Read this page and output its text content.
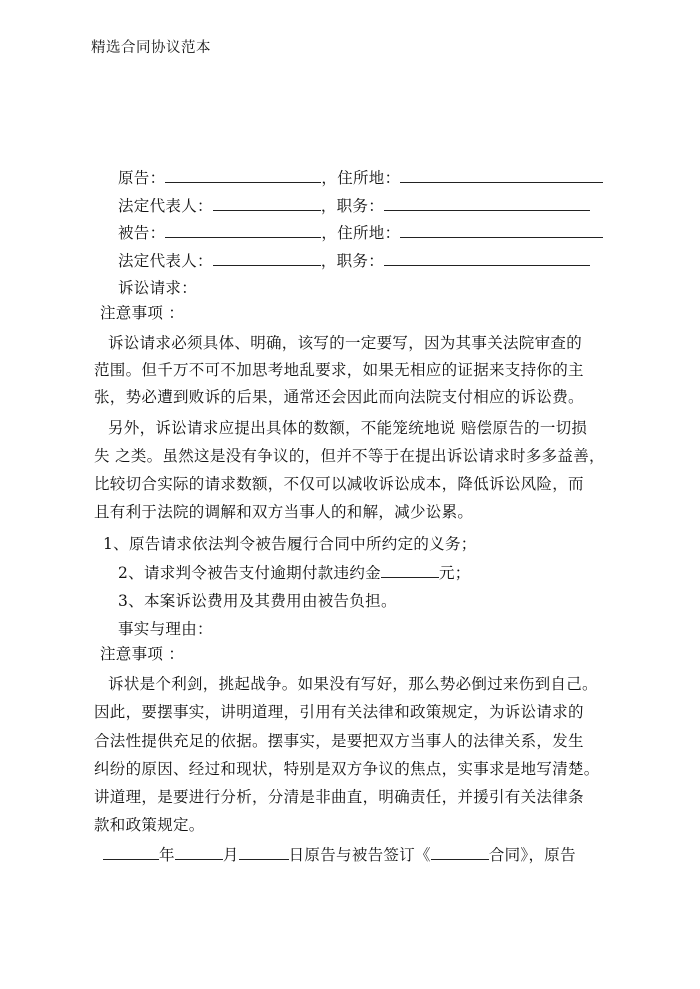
精选合同协议范本
原告：	，住所地：
法定代表人：	，职务：
被告：	，住所地：
法定代表人：	，职务：
诉讼请求：
注意事项 ：
诉讼请求必须具体、明确，该写的一定要写，因为其事关法院审查的
范围。但千万不可不加思考地乱要求，如果无相应的证据来支持你的主
张，势必遭到败诉的后果，通常还会因此而向法院支付相应的诉讼费。
另外，诉讼请求应提出具体的数额，不能笼统地说 赔偿原告的一切损
失 之类。虽然这是没有争议的，但并不等于在提出诉讼请求时多多益善，
比较切合实际的请求数额，不仅可以减收诉讼成本，降低诉讼风险，而
且有利于法院的调解和双方当事人的和解，减少讼累。
1、原告请求依法判令被告履行合同中所约定的义务；
2、请求判令被告支付逾期付款违约金	元；
3、本案诉讼费用及其费用由被告负担。
事实与理由：
注意事项 ：
诉状是个利剑，挑起战争。如果没有写好，那么势必倒过来伤到自己。
因此，要摆事实，讲明道理，引用有关法律和政策规定，为诉讼请求的
合法性提供充足的依据。摆事实，是要把双方当事人的法律关系，发生
纠纷的原因、经过和现状，特别是双方争议的焦点，实事求是地写清楚。
讲道理，是要进行分析，分清是非曲直，明确责任，并援引有关法律条
款和政策规定。
年	月	日原告与被告签订《	合同》，原告
